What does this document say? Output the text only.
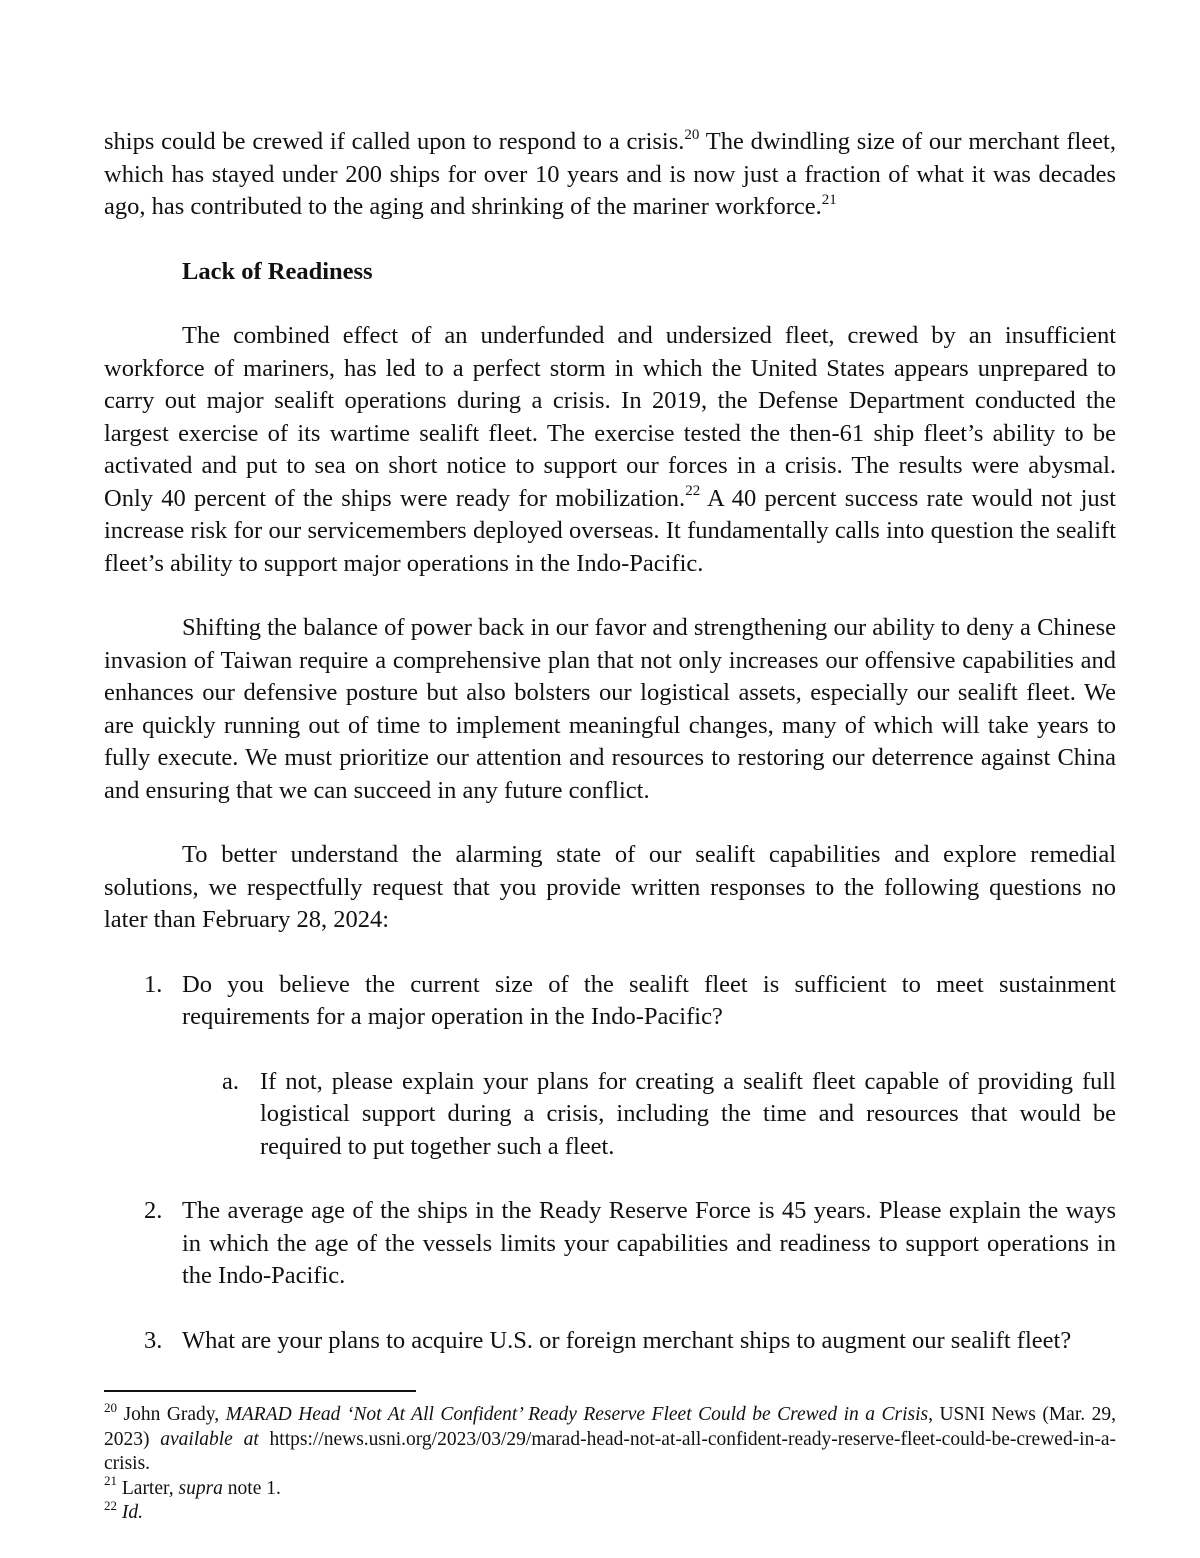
ships could be crewed if called upon to respond to a crisis.$^{20}$ The dwindling size of our merchant fleet, which has stayed under 200 ships for over 10 years and is now just a fraction of what it was decades ago, has contributed to the aging and shrinking of the mariner workforce.$^{21}$

Lack of Readiness

The combined effect of an underfunded and undersized fleet, crewed by an insufficient workforce of mariners, has led to a perfect storm in which the United States appears unprepared to carry out major sealift operations during a crisis. In 2019, the Defense Department conducted the largest exercise of its wartime sealift fleet. The exercise tested the then-61 ship fleet’s ability to be activated and put to sea on short notice to support our forces in a crisis. The results were abysmal. Only 40 percent of the ships were ready for mobilization.$^{22}$ A 40 percent success rate would not just increase risk for our servicemembers deployed overseas. It fundamentally calls into question the sealift fleet’s ability to support major operations in the Indo-Pacific.

Shifting the balance of power back in our favor and strengthening our ability to deny a Chinese invasion of Taiwan require a comprehensive plan that not only increases our offensive capabilities and enhances our defensive posture but also bolsters our logistical assets, especially our sealift fleet. We are quickly running out of time to implement meaningful changes, many of which will take years to fully execute. We must prioritize our attention and resources to restoring our deterrence against China and ensuring that we can succeed in any future conflict.

To better understand the alarming state of our sealift capabilities and explore remedial solutions, we respectfully request that you provide written responses to the following questions no later than February 28, 2024:

1. Do you believe the current size of the sealift fleet is sufficient to meet sustainment requirements for a major operation in the Indo-Pacific?

a. If not, please explain your plans for creating a sealift fleet capable of providing full logistical support during a crisis, including the time and resources that would be required to put together such a fleet.

2. The average age of the ships in the Ready Reserve Force is 45 years. Please explain the ways in which the age of the vessels limits your capabilities and readiness to support operations in the Indo-Pacific.

3. What are your plans to acquire U.S. or foreign merchant ships to augment our sealift fleet?

$^{20}$ John Grady, MARAD Head ‘Not At All Confident’ Ready Reserve Fleet Could be Crewed in a Crisis, USNI News (Mar. 29, 2023) available at https://news.usni.org/2023/03/29/marad-head-not-at-all-confident-ready-reserve-fleet-could-be-crewed-in-a-crisis.

$^{21}$ Larter, supra note 1.

$^{22}$ Id.
